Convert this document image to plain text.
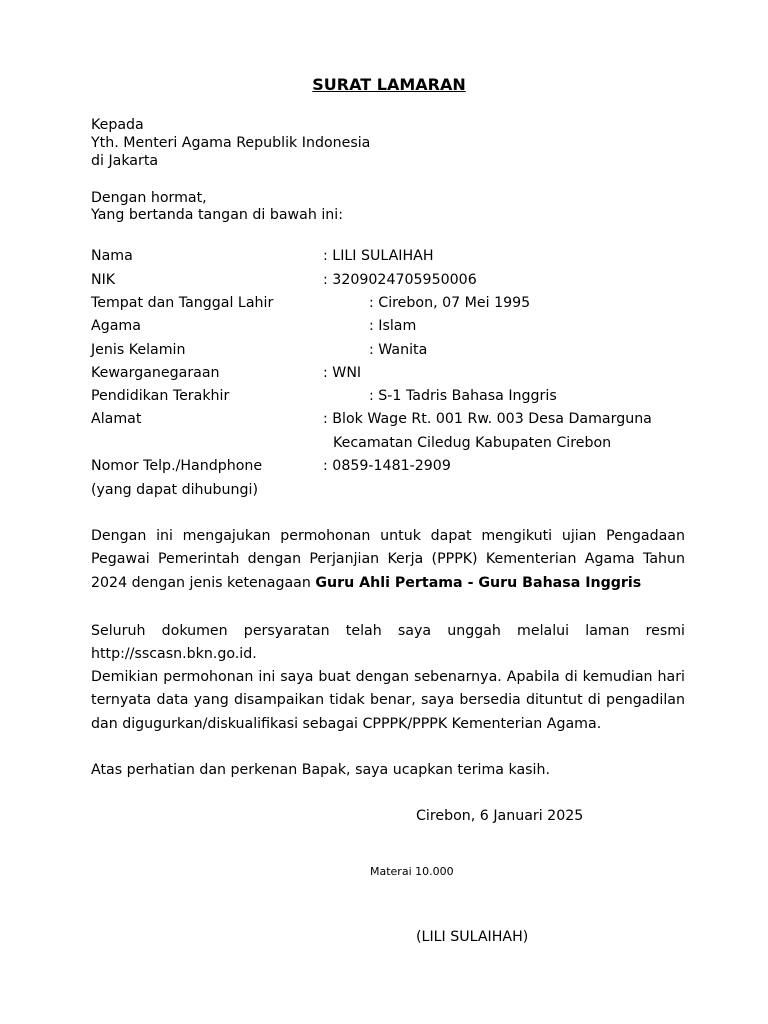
SURAT LAMARAN
Kepada
Yth. Menteri Agama Republik Indonesia
di Jakarta
Dengan hormat,
Yang bertanda tangan di bawah ini:
Nama	: LILI SULAIHAH
NIK	: 3209024705950006
Tempat dan Tanggal Lahir	: Cirebon, 07 Mei 1995
Agama	: Islam
Jenis Kelamin	: Wanita
Kewarganegaraan	: WNI
Pendidikan Terakhir	: S-1 Tadris Bahasa Inggris
Alamat	: Blok Wage Rt. 001 Rw. 003 Desa Damarguna
Kecamatan Ciledug Kabupaten Cirebon
Nomor Telp./Handphone	: 0859-1481-2909
(yang dapat dihubungi)
Dengan ini mengajukan permohonan untuk dapat mengikuti ujian Pengadaan Pegawai Pemerintah dengan Perjanjian Kerja (PPPK) Kementerian Agama Tahun 2024 dengan jenis ketenagaan Guru Ahli Pertama - Guru Bahasa Inggris
Seluruh dokumen persyaratan telah saya unggah melalui laman resmi http://sscasn.bkn.go.id.
Demikian permohonan ini saya buat dengan sebenarnya. Apabila di kemudian hari ternyata data yang disampaikan tidak benar, saya bersedia dituntut di pengadilan dan digugurkan/diskualifikasi sebagai CPPPK/PPPK Kementerian Agama.
Atas perhatian dan perkenan Bapak, saya ucapkan terima kasih.
Cirebon, 6 Januari 2025
Materai 10.000
(LILI SULAIHAH)
